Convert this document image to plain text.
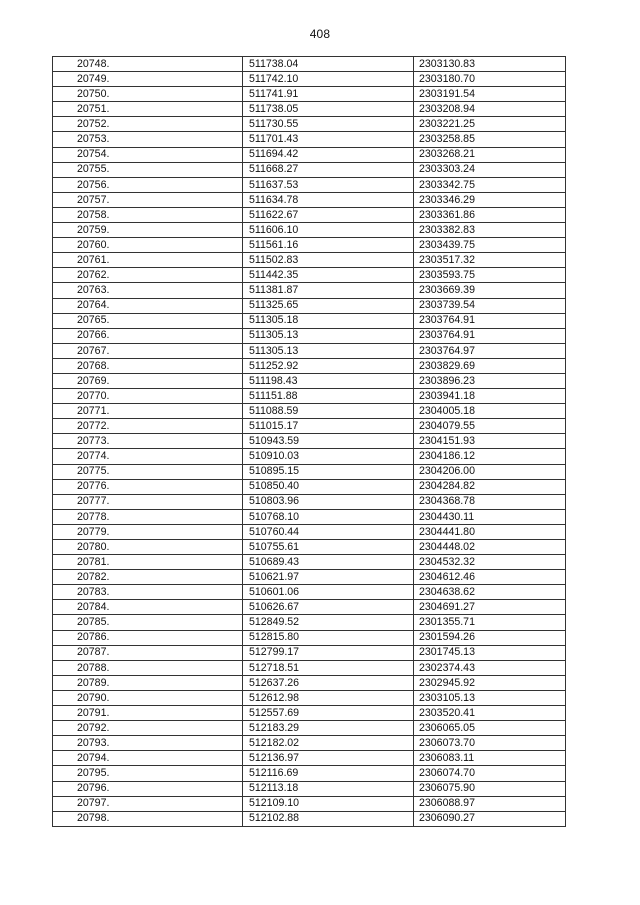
408
20748.	511738.04	2303130.83
20749.	511742.10	2303180.70
20750.	511741.91	2303191.54
20751.	511738.05	2303208.94
20752.	511730.55	2303221.25
20753.	511701.43	2303258.85
20754.	511694.42	2303268.21
20755.	511668.27	2303303.24
20756.	511637.53	2303342.75
20757.	511634.78	2303346.29
20758.	511622.67	2303361.86
20759.	511606.10	2303382.83
20760.	511561.16	2303439.75
20761.	511502.83	2303517.32
20762.	511442.35	2303593.75
20763.	511381.87	2303669.39
20764.	511325.65	2303739.54
20765.	511305.18	2303764.91
20766.	511305.13	2303764.91
20767.	511305.13	2303764.97
20768.	511252.92	2303829.69
20769.	511198.43	2303896.23
20770.	511151.88	2303941.18
20771.	511088.59	2304005.18
20772.	511015.17	2304079.55
20773.	510943.59	2304151.93
20774.	510910.03	2304186.12
20775.	510895.15	2304206.00
20776.	510850.40	2304284.82
20777.	510803.96	2304368.78
20778.	510768.10	2304430.11
20779.	510760.44	2304441.80
20780.	510755.61	2304448.02
20781.	510689.43	2304532.32
20782.	510621.97	2304612.46
20783.	510601.06	2304638.62
20784.	510626.67	2304691.27
20785.	512849.52	2301355.71
20786.	512815.80	2301594.26
20787.	512799.17	2301745.13
20788.	512718.51	2302374.43
20789.	512637.26	2302945.92
20790.	512612.98	2303105.13
20791.	512557.69	2303520.41
20792.	512183.29	2306065.05
20793.	512182.02	2306073.70
20794.	512136.97	2306083.11
20795.	512116.69	2306074.70
20796.	512113.18	2306075.90
20797.	512109.10	2306088.97
20798.	512102.88	2306090.27
